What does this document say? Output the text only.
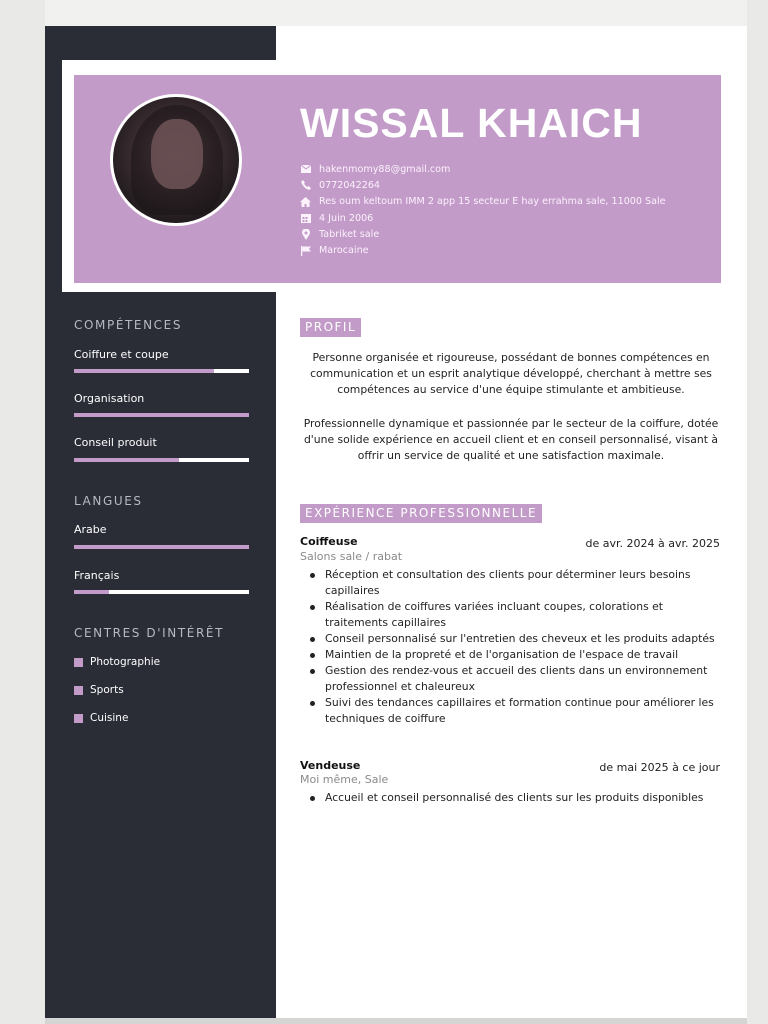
WISSAL KHAICH
hakenmomy88@gmail.com
0772042264
Res oum keltoum IMM 2 app 15 secteur E hay errahma sale, 11000 Sale
4 Juin 2006
Tabriket sale
Marocaine
COMPÉTENCES
Coiffure et coupe
Organisation
Conseil produit
LANGUES
Arabe
Français
CENTRES D'INTÉRÊT
Photographie
Sports
Cuisine
PROFIL
Personne organisée et rigoureuse, possédant de bonnes compétences en communication et un esprit analytique développé, cherchant à mettre ses compétences au service d'une équipe stimulante et ambitieuse.
Professionnelle dynamique et passionnée par le secteur de la coiffure, dotée d'une solide expérience en accueil client et en conseil personnalisé, visant à offrir un service de qualité et une satisfaction maximale.
EXPÉRIENCE PROFESSIONNELLE
Coiffeuse	de avr. 2024 à avr. 2025
Salons sale / rabat
Réception et consultation des clients pour déterminer leurs besoins capillaires
Réalisation de coiffures variées incluant coupes, colorations et traitements capillaires
Conseil personnalisé sur l'entretien des cheveux et les produits adaptés
Maintien de la propreté et de l'organisation de l'espace de travail
Gestion des rendez-vous et accueil des clients dans un environnement professionnel et chaleureux
Suivi des tendances capillaires et formation continue pour améliorer les techniques de coiffure
Vendeuse	de mai 2025 à ce jour
Moi même, Sale
Accueil et conseil personnalisé des clients sur les produits disponibles
